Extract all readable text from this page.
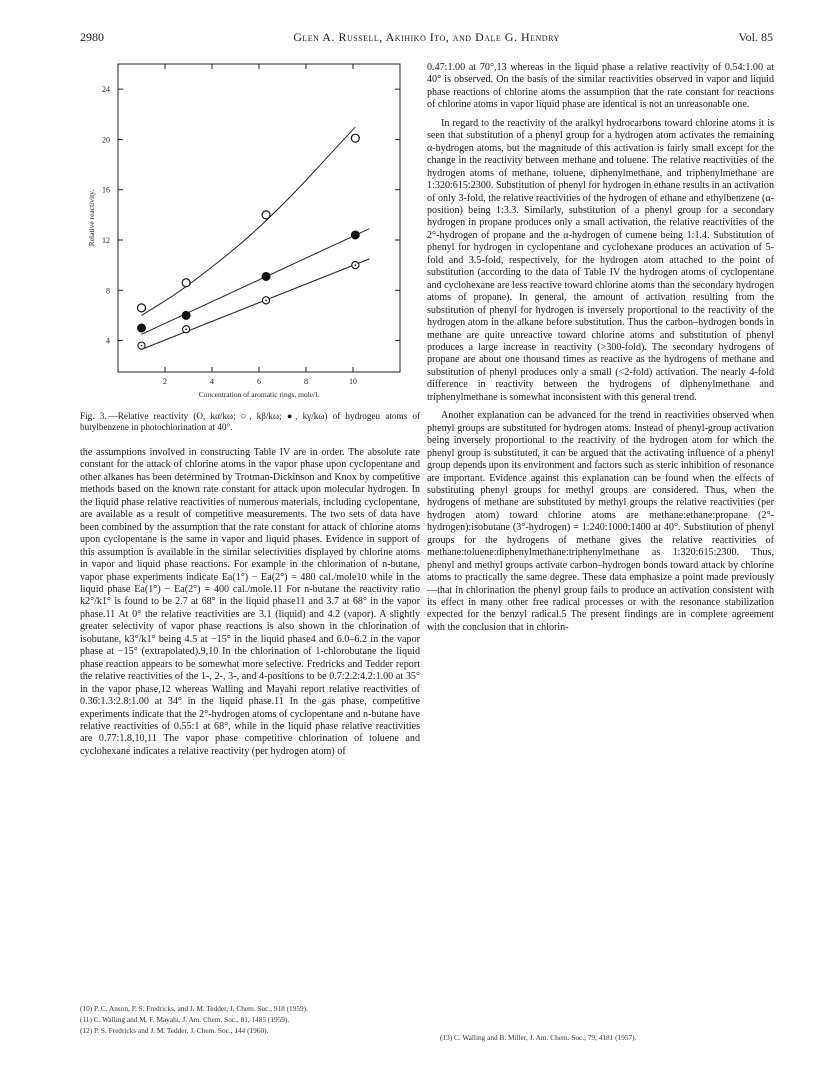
2980	Glen A. Russell, Akihiko Ito, and Dale G. Hendry	Vol. 85
2	4	6	8	10
4
8
12
16
20
24
Concentration of aromatic rings, mole/l.
Relative reactivity.
Fig. 3. —Relative reactivity (O, kα/kω; ○, kβ/kω; ●, kγ/kω) of hydrogen atoms of butylbenzene in photochlorination at 40°.

the assumptions involved in constructing Table IV are in order. The absolute rate constant for the attack of chlorine atoms in the vapor phase upon cyclopentane and other alkanes has been determined by Trotman-Dickinson and Knox by competitive methods based on the known rate constant for attack upon molecular hydrogen. In the liquid phase relative reactivities of numerous materials, including cyclopentane, are available as a result of competitive measurements. The two sets of data have been combined by the assumption that the rate constant for attack of chlorine atoms upon cyclopentane is the same in vapor and liquid phases. Evidence in support of this assumption is available in the similar selectivities displayed by chlorine atoms in vapor and liquid phase reactions. For example in the chlorination of n-butane, vapor phase experiments indicate Ea(1°) − Ea(2°) = 480 cal./mole10 while in the liquid phase Ea(1°) − Ea(2°) = 400 cal./mole.11 For n-butane the reactivity ratio k2°/k1° is found to be 2.7 at 68° in the liquid phase11 and 3.7 at 68° in the vapor phase.11 At 0° the relative reactivities are 3.1 (liquid) and 4.2 (vapor). A slightly greater selectivity of vapor phase reactions is also shown in the chlorination of isobutane, k3°/k1° being 4.5 at −15° in the liquid phase4 and 6.0–6.2 in the vapor phase at −15° (extrapolated).9,10 In the chlorination of 1-chlorobutane the liquid phase reaction appears to be somewhat more selective. Fredricks and Tedder report the relative reactivities of the 1-, 2-, 3-, and 4-positions to be 0.7:2.2:4.2:1.00 at 35° in the vapor phase,12 whereas Walling and Mayahi report relative reactivities of 0.36:1.3:2.8:1.00 at 34° in the liquid phase.11 In the gas phase, competitive experiments indicate that the 2°-hydrogen atoms of cyclopentane and n-butane have relative reactivities of 0.55:1 at 68°, while in the liquid phase relative reactivities are 0.77:1.8,10,11 The vapor phase competitive chlorination of toluene and cyclohexane indicates a relative reactivity (per hydrogen atom) of

0.47:1.00 at 70°,13 whereas in the liquid phase a relative reactivity of 0.54:1.00 at 40° is observed. On the basis of the similar reactivities observed in vapor and liquid phase reactions of chlorine atoms the assumption that the rate constant for reactions of chlorine atoms in vapor liquid phase are identical is not an unreasonable one.

In regard to the reactivity of the aralkyl hydrocarbons toward chlorine atoms it is seen that substitution of a phenyl group for a hydrogen atom activates the remaining α-hydrogen atoms, but the magnitude of this activation is fairly small except for the change in the reactivity between methane and toluene. The relative reactivities of the hydrogen atoms of methane, toluene, diphenylmethane, and triphenylmethane are 1:320:615:2300. Substitution of phenyl for hydrogen in ethane results in an activation of only 3-fold, the relative reactivities of the hydrogen of ethane and ethylbenzene (α-position) being 1:3.3. Similarly, substitution of a phenyl group for a secondary hydrogen in propane produces only a small activation, the relative reactivities of the 2°-hydrogen of propane and the α-hydrogen of cumene being 1:1.4. Substitution of phenyl for hydrogen in cyclopentane and cyclohexane produces an activation of 5-fold and 3.5-fold, respectively, for the hydrogen atom attached to the point of substitution (according to the data of Table IV the hydrogen atoms of cyclopentane and cyclohexane are less reactive toward chlorine atoms than the secondary hydrogen atoms of propane). In general, the amount of activation resulting from the substitution of phenyl for hydrogen is inversely proportional to the reactivity of the hydrogen atom in the alkane before substitution. Thus the carbon–hydrogen bonds in methane are quite unreactive toward chlorine atoms and substitution of phenyl produces a large increase in reactivity (>300-fold). The secondary hydrogens of propane are about one thousand times as reactive as the hydrogens of methane and substitution of phenyl produces only a small (<2-fold) activation. The nearly 4-fold difference in reactivity between the hydrogens of diphenylmethane and triphenylmethane is somewhat inconsistent with this general trend.

Another explanation can be advanced for the trend in reactivities observed when phenyl groups are substituted for hydrogen atoms. Instead of phenyl-group activation being inversely proportional to the reactivity of the hydrogen atom for which the phenyl group is substituted, it can be argued that the activating influence of a phenyl group depends upon its environment and factors such as steric inhibition of resonance are important. Evidence against this explanation can be found when the effects of substituting phenyl groups for methyl groups are considered. Thus, when the hydrogens of methane are substituted by methyl groups the relative reactivities (per hydrogen atom) toward chlorine atoms are methane:ethane:propane (2°-hydrogen):isobutane (3°-hydrogen) = 1:240:1000:1400 at 40°. Substitution of phenyl groups for the hydrogens of methane gives the relative reactivities of methane:toluene:diphenylmethane:triphenylmethane as 1:320:615:2300. Thus, phenyl and methyl groups activate carbon–hydrogen bonds toward attack by chlorine atoms to practically the same degree. These data emphasize a point made previously—that in chlorination the phenyl group fails to produce an activation consistent with its effect in many other free radical processes or with the resonance stabilization expected for the benzyl radical.5 The present findings are in complete agreement with the conclusion that in chlorin-

(10) P. C. Anson, P. S. Fredricks, and J. M. Tedder, J. Chem. Soc., 918 (1959).
(11) C. Walling and M. F. Mayahi, J. Am. Chem. Soc., 81, 1485 (1959).
(12) P. S. Fredricks and J. M. Tedder, J. Chem. Soc., 144 (1960).
(13) C. Walling and B. Miller, J. Am. Chem. Soc., 79, 4181 (1957).
